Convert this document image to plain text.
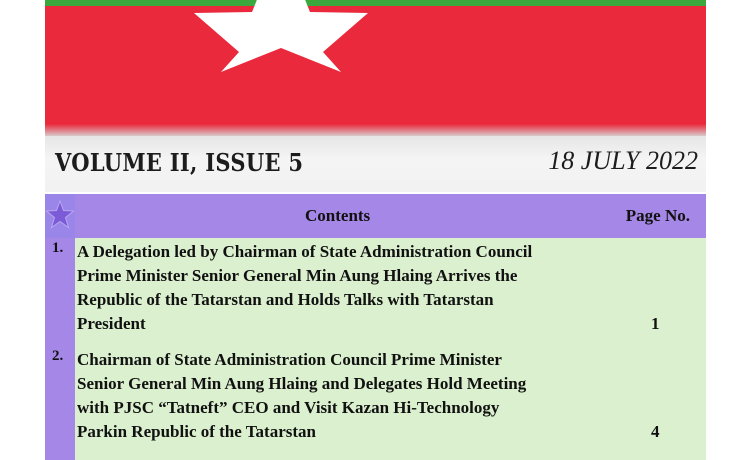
VOLUME II, ISSUE 5	18 JULY 2022
Contents	Page No.
1. A Delegation led by Chairman of State Administration Council
Prime Minister Senior General Min Aung Hlaing Arrives the
Republic of the Tatarstan and Holds Talks with Tatarstan
President	1
2. Chairman of State Administration Council Prime Minister
Senior General Min Aung Hlaing and Delegates Hold Meeting
with PJSC “Tatneft” CEO and Visit Kazan Hi-Technology
Parkin Republic of the Tatarstan	4
